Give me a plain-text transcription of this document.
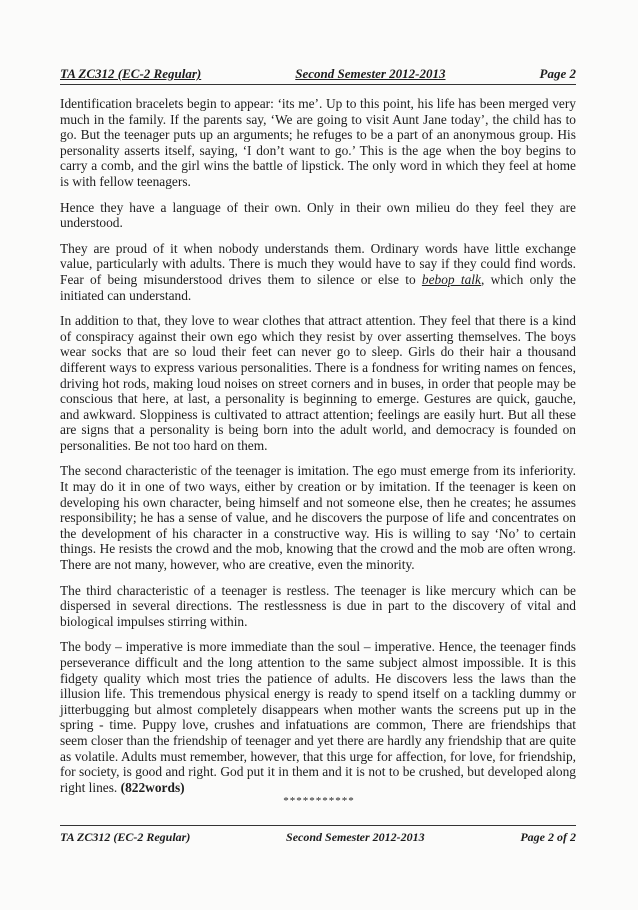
TA ZC312 (EC-2 Regular)	Second Semester 2012-2013	Page 2

Identification bracelets begin to appear: ‘its me’. Up to this point, his life has been merged very much in the family. If the parents say, ‘We are going to visit Aunt Jane today’, the child has to go. But the teenager puts up an arguments; he refuges to be a part of an anonymous group. His personality asserts itself, saying, ‘I don’t want to go.’ This is the age when the boy begins to carry a comb, and the girl wins the battle of lipstick. The only word in which they feel at home is with fellow teenagers.

Hence they have a language of their own. Only in their own milieu do they feel they are understood.

They are proud of it when nobody understands them. Ordinary words have little exchange value, particularly with adults. There is much they would have to say if they could find words. Fear of being misunderstood drives them to silence or else to bebop talk, which only the initiated can understand.

In addition to that, they love to wear clothes that attract attention. They feel that there is a kind of conspiracy against their own ego which they resist by over asserting themselves. The boys wear socks that are so loud their feet can never go to sleep. Girls do their hair a thousand different ways to express various personalities. There is a fondness for writing names on fences, driving hot rods, making loud noises on street corners and in buses, in order that people may be conscious that here, at last, a personality is beginning to emerge. Gestures are quick, gauche, and awkward. Sloppiness is cultivated to attract attention; feelings are easily hurt. But all these are signs that a personality is being born into the adult world, and democracy is founded on personalities. Be not too hard on them.

The second characteristic of the teenager is imitation. The ego must emerge from its inferiority. It may do it in one of two ways, either by creation or by imitation. If the teenager is keen on developing his own character, being himself and not someone else, then he creates; he assumes responsibility; he has a sense of value, and he discovers the purpose of life and concentrates on the development of his character in a constructive way. His is willing to say ‘No’ to certain things. He resists the crowd and the mob, knowing that the crowd and the mob are often wrong. There are not many, however, who are creative, even the minority.

The third characteristic of a teenager is restless. The teenager is like mercury which can be dispersed in several directions. The restlessness is due in part to the discovery of vital and biological impulses stirring within.

The body – imperative is more immediate than the soul – imperative. Hence, the teenager finds perseverance difficult and the long attention to the same subject almost impossible. It is this fidgety quality which most tries the patience of adults. He discovers less the laws than the illusion life. This tremendous physical energy is ready to spend itself on a tackling dummy or jitterbugging but almost completely disappears when mother wants the screens put up in the spring - time. Puppy love, crushes and infatuations are common, There are friendships that seem closer than the friendship of teenager and yet there are hardly any friendship that are quite as volatile. Adults must remember, however, that this urge for affection, for love, for friendship, for society, is good and right. God put it in them and it is not to be crushed, but developed along right lines. (822words)

***********
TA ZC312 (EC-2 Regular)	Second Semester 2012-2013	Page 2 of 2
